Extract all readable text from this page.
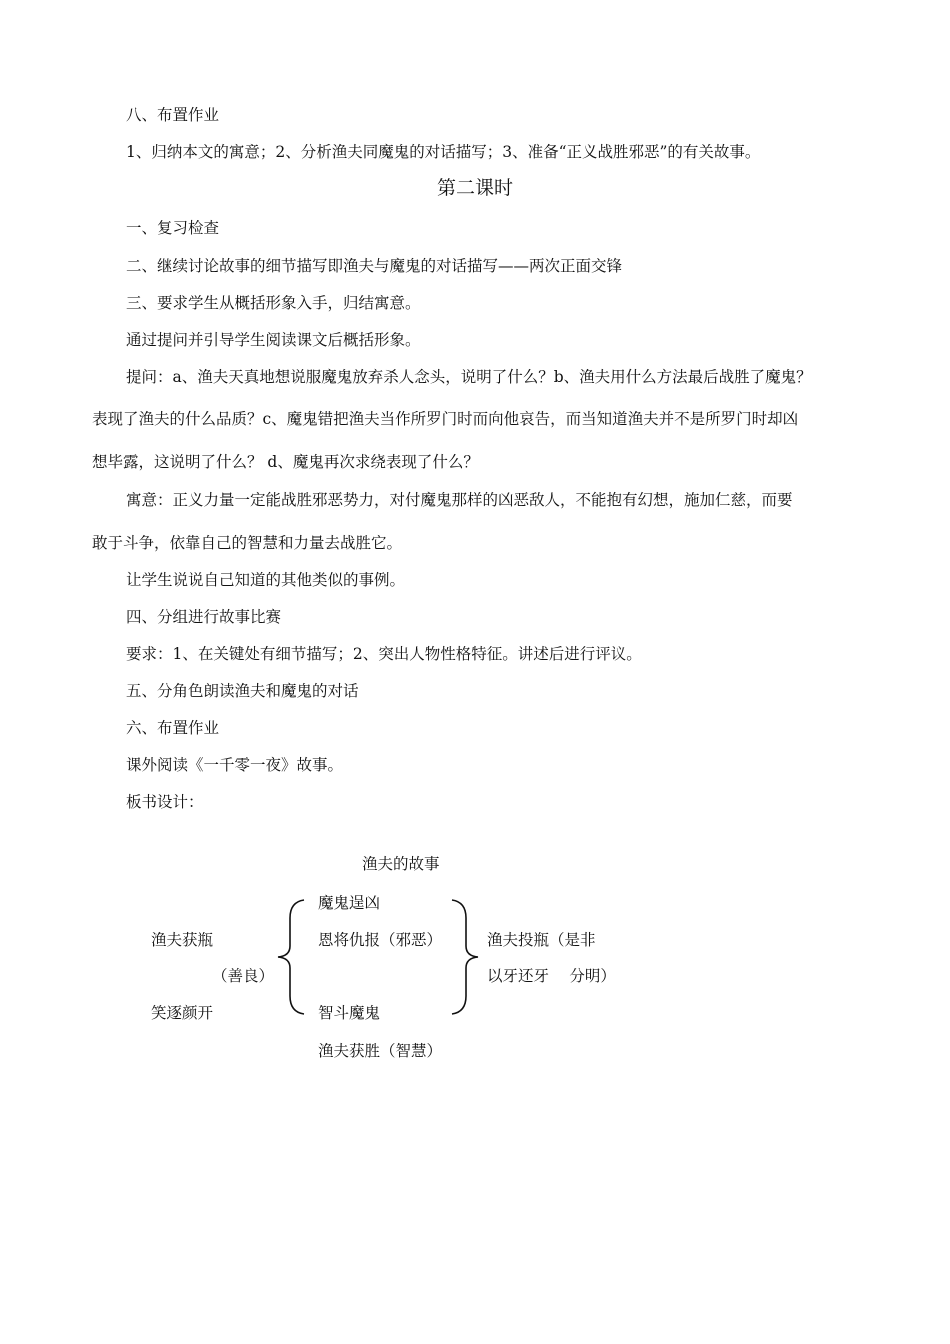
八、布置作业
1、归纳本文的寓意；2、分析渔夫同魔鬼的对话描写；3、准备“正义战胜邪恶”的有关故事。
第二课时
一、复习检查
二、继续讨论故事的细节描写即渔夫与魔鬼的对话描写——两次正面交锋
三、要求学生从概括形象入手，归结寓意。
通过提问并引导学生阅读课文后概括形象。
提问：a、渔夫天真地想说服魔鬼放弃杀人念头，说明了什么？b、渔夫用什么方法最后战胜了魔鬼？
表现了渔夫的什么品质？c、魔鬼错把渔夫当作所罗门时而向他哀告，而当知道渔夫并不是所罗门时却凶
想毕露，这说明了什么？ d、魔鬼再次求绕表现了什么？
寓意：正义力量一定能战胜邪恶势力，对付魔鬼那样的凶恶敌人，不能抱有幻想，施加仁慈，而要
敢于斗争，依靠自己的智慧和力量去战胜它。
让学生说说自己知道的其他类似的事例。
四、分组进行故事比赛
要求：1、在关键处有细节描写；2、突出人物性格特征。讲述后进行评议。
五、分角色朗读渔夫和魔鬼的对话
六、布置作业
课外阅读《一千零一夜》故事。
板书设计：
渔夫的故事
渔夫获瓶
（善良）
笑逐颜开
魔鬼逞凶
恩将仇报（邪恶）
智斗魔鬼
渔夫获胜（智慧）
渔夫投瓶（是非
以牙还牙　 分明）
